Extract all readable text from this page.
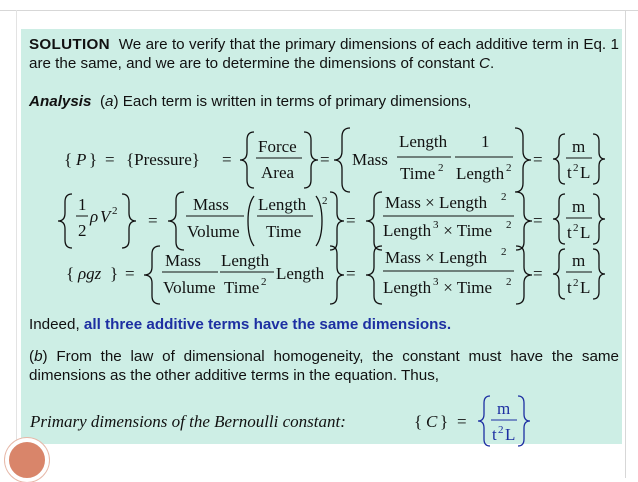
SOLUTION We are to verify that the primary dimensions of each additive term in Eq. 1 are the same, and we are to determine the dimensions of constant C.
Analysis (a) Each term is written in terms of primary dimensions,
{ P } = {Pressure} =
Force
Area
= Mass
Length
Time 2
1
Length 2 =
m
t 2 L
1
2
ρ V 2 =
Mass
Volume
Length
Time
2
=
Mass × Length 2
Length 3 × Time 2 =
m
t 2 L
{ ρgz } =
Mass
Volume
Length
Time 2 Length =
Mass × Length 2
Length 3 × Time 2 =
m
t 2 L
Indeed, all three additive terms have the same dimensions.
(b) From the law of dimensional homogeneity, the constant must have the same dimensions as the other additive terms in the equation. Thus,
Primary dimensions of the Bernoulli constant:	{ C } =
m
t 2 L
